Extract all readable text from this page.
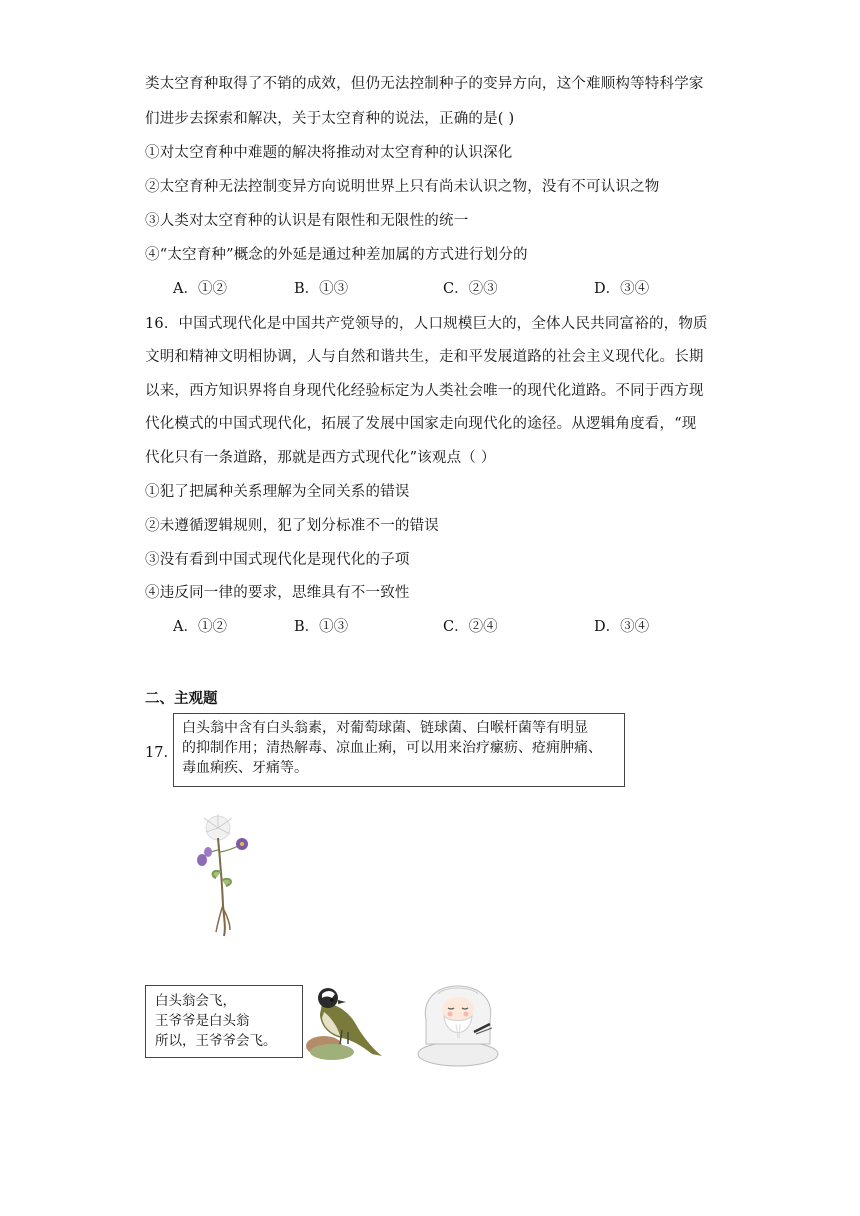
类太空育种取得了不销的成效，但仍无法控制种子的变异方向，这个难顺构等特科学家
们进步去探索和解决，关于太空育种的说法，正确的是( )
①对太空育种中难题的解决将推动对太空育种的认识深化
②太空育种无法控制变异方向说明世界上只有尚未认识之物，没有不可认识之物
③人类对太空育种的认识是有限性和无限性的统一
④“太空育种”概念的外延是通过种差加属的方式进行划分的
A．①②	B．①③	C．②③	D．③④
16．中国式现代化是中国共产党领导的，人口规模巨大的，全体人民共同富裕的，物质
文明和精神文明相协调，人与自然和谐共生，走和平发展道路的社会主义现代化。长期
以来，西方知识界将自身现代化经验标定为人类社会唯一的现代化道路。不同于西方现
代化模式的中国式现代化，拓展了发展中国家走向现代化的途径。从逻辑角度看，“现
代化只有一条道路，那就是西方式现代化”该观点（ ）
①犯了把属种关系理解为全同关系的错误
②未遵循逻辑规则，犯了划分标准不一的错误
③没有看到中国式现代化是现代化的子项
④违反同一律的要求，思维具有不一致性
A．①②	B．①③	C．②④	D．③④
二、主观题
17.
白头翁中含有白头翁素，对葡萄球菌、链球菌、白喉杆菌等有明显
的抑制作用；清热解毒、凉血止痢，可以用来治疗瘰疬、疮痈肿痛、
毒血痢疾、牙痛等。
白头翁会飞，
王爷爷是白头翁
所以，王爷爷会飞。
